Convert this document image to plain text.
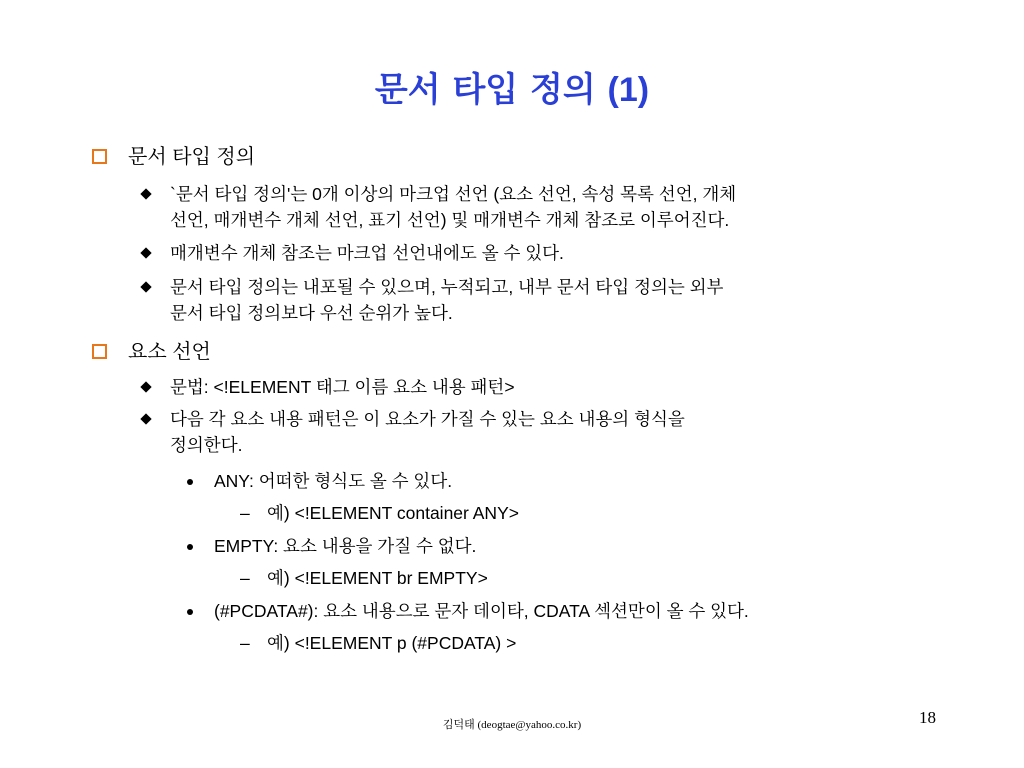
문서 타입 정의 (1)
문서 타입 정의
`문서 타입 정의'는 0개 이상의 마크업 선언 (요소 선언, 속성 목록 선언, 개체
선언, 매개변수 개체 선언, 표기 선언) 및 매개변수 개체 참조로 이루어진다.
매개변수 개체 참조는 마크업 선언내에도 올 수 있다.
문서 타입 정의는 내포될 수 있으며, 누적되고, 내부 문서 타입 정의는 외부
문서 타입 정의보다 우선 순위가 높다.
요소 선언
문법: <!ELEMENT 태그 이름 요소 내용 패턴>
다음 각 요소 내용 패턴은 이 요소가 가질 수 있는 요소 내용의 형식을
정의한다.
ANY: 어떠한 형식도 올 수 있다.
– 예) <!ELEMENT container ANY>
EMPTY: 요소 내용을 가질 수 없다.
– 예) <!ELEMENT br EMPTY>
(#PCDATA#): 요소 내용으로 문자 데이타, CDATA 섹션만이 올 수 있다.
– 예) <!ELEMENT p (#PCDATA) >
김덕태 (deogtae@yahoo.co.kr)	18
